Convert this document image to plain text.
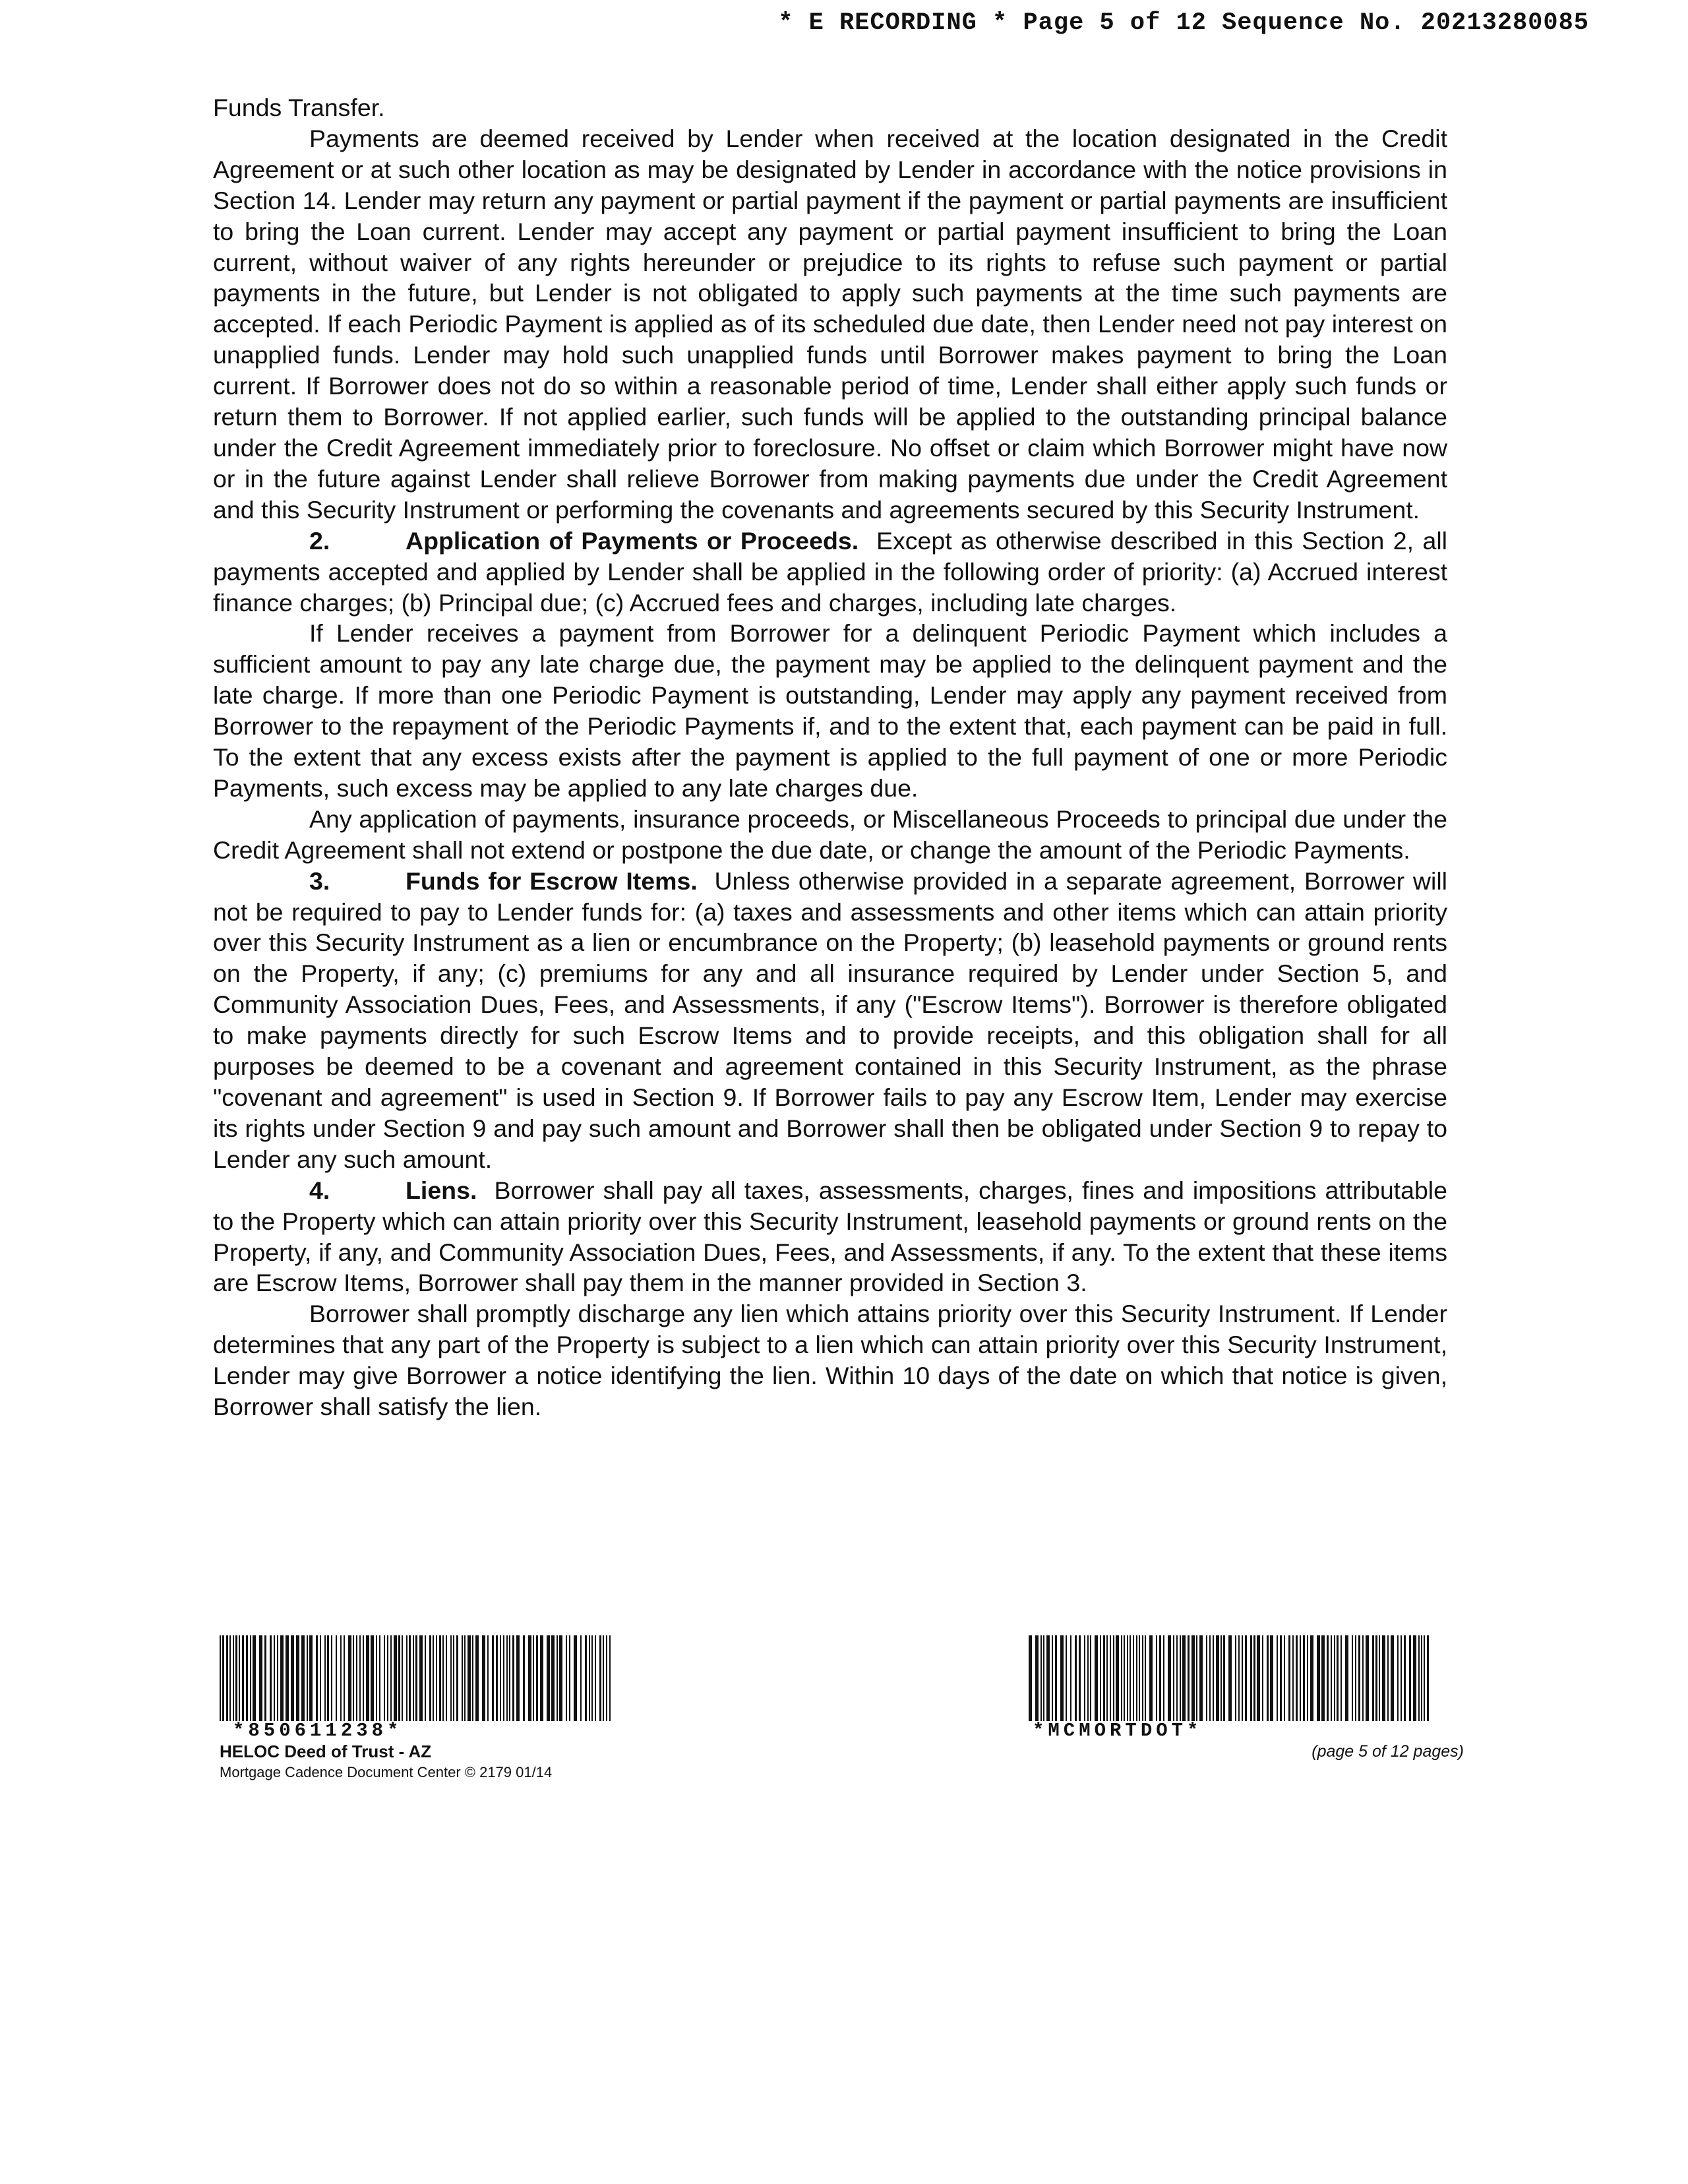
* E RECORDING * Page 5 of 12 Sequence No. 20213280085

Funds Transfer.

Payments are deemed received by Lender when received at the location designated in the Credit Agreement or at such other location as may be designated by Lender in accordance with the notice provisions in Section 14. Lender may return any payment or partial payment if the payment or partial payments are insufficient to bring the Loan current. Lender may accept any payment or partial payment insufficient to bring the Loan current, without waiver of any rights hereunder or prejudice to its rights to refuse such payment or partial payments in the future, but Lender is not obligated to apply such payments at the time such payments are accepted. If each Periodic Payment is applied as of its scheduled due date, then Lender need not pay interest on unapplied funds. Lender may hold such unapplied funds until Borrower makes payment to bring the Loan current. If Borrower does not do so within a reasonable period of time, Lender shall either apply such funds or return them to Borrower. If not applied earlier, such funds will be applied to the outstanding principal balance under the Credit Agreement immediately prior to foreclosure. No offset or claim which Borrower might have now or in the future against Lender shall relieve Borrower from making payments due under the Credit Agreement and this Security Instrument or performing the covenants and agreements secured by this Security Instrument.

2.	Application of Payments or Proceeds. Except as otherwise described in this Section 2, all payments accepted and applied by Lender shall be applied in the following order of priority: (a) Accrued interest finance charges; (b) Principal due; (c) Accrued fees and charges, including late charges.

If Lender receives a payment from Borrower for a delinquent Periodic Payment which includes a sufficient amount to pay any late charge due, the payment may be applied to the delinquent payment and the late charge. If more than one Periodic Payment is outstanding, Lender may apply any payment received from Borrower to the repayment of the Periodic Payments if, and to the extent that, each payment can be paid in full. To the extent that any excess exists after the payment is applied to the full payment of one or more Periodic Payments, such excess may be applied to any late charges due.

Any application of payments, insurance proceeds, or Miscellaneous Proceeds to principal due under the Credit Agreement shall not extend or postpone the due date, or change the amount of the Periodic Payments.

3.	Funds for Escrow Items. Unless otherwise provided in a separate agreement, Borrower will not be required to pay to Lender funds for: (a) taxes and assessments and other items which can attain priority over this Security Instrument as a lien or encumbrance on the Property; (b) leasehold payments or ground rents on the Property, if any; (c) premiums for any and all insurance required by Lender under Section 5, and Community Association Dues, Fees, and Assessments, if any ("Escrow Items"). Borrower is therefore obligated to make payments directly for such Escrow Items and to provide receipts, and this obligation shall for all purposes be deemed to be a covenant and agreement contained in this Security Instrument, as the phrase "covenant and agreement" is used in Section 9. If Borrower fails to pay any Escrow Item, Lender may exercise its rights under Section 9 and pay such amount and Borrower shall then be obligated under Section 9 to repay to Lender any such amount.

4.	Liens. Borrower shall pay all taxes, assessments, charges, fines and impositions attributable to the Property which can attain priority over this Security Instrument, leasehold payments or ground rents on the Property, if any, and Community Association Dues, Fees, and Assessments, if any. To the extent that these items are Escrow Items, Borrower shall pay them in the manner provided in Section 3.

Borrower shall promptly discharge any lien which attains priority over this Security Instrument. If Lender determines that any part of the Property is subject to a lien which can attain priority over this Security Instrument, Lender may give Borrower a notice identifying the lien. Within 10 days of the date on which that notice is given, Borrower shall satisfy the lien.

*850611238*
HELOC Deed of Trust - AZ
Mortgage Cadence Document Center © 2179 01/14
*MCMORTDOT*
(page 5 of 12 pages)
